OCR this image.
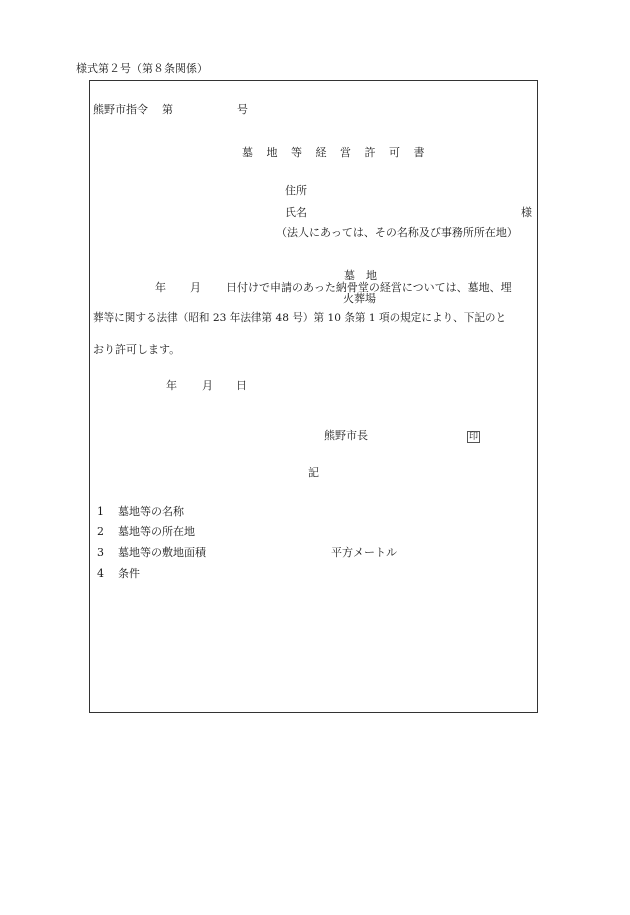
様式第２号（第８条関係）
熊野市指令 第	号
墓 地 等 経 営 許 可 書
住所
氏名	様
（法人にあっては、その名称及び事務所所在地）
墓　地
年 月 日付けで申請のあった納骨堂の経営については、墓地、埋
火葬場
葬等に関する法律（昭和 23 年法律第 48 号）第 10 条第 1 項の規定により、下記のと
おり許可します。
年 月 日
熊野市長	印
記
1 墓地等の名称
2 墓地等の所在地
3 墓地等の敷地面積	平方メートル
4 条件
